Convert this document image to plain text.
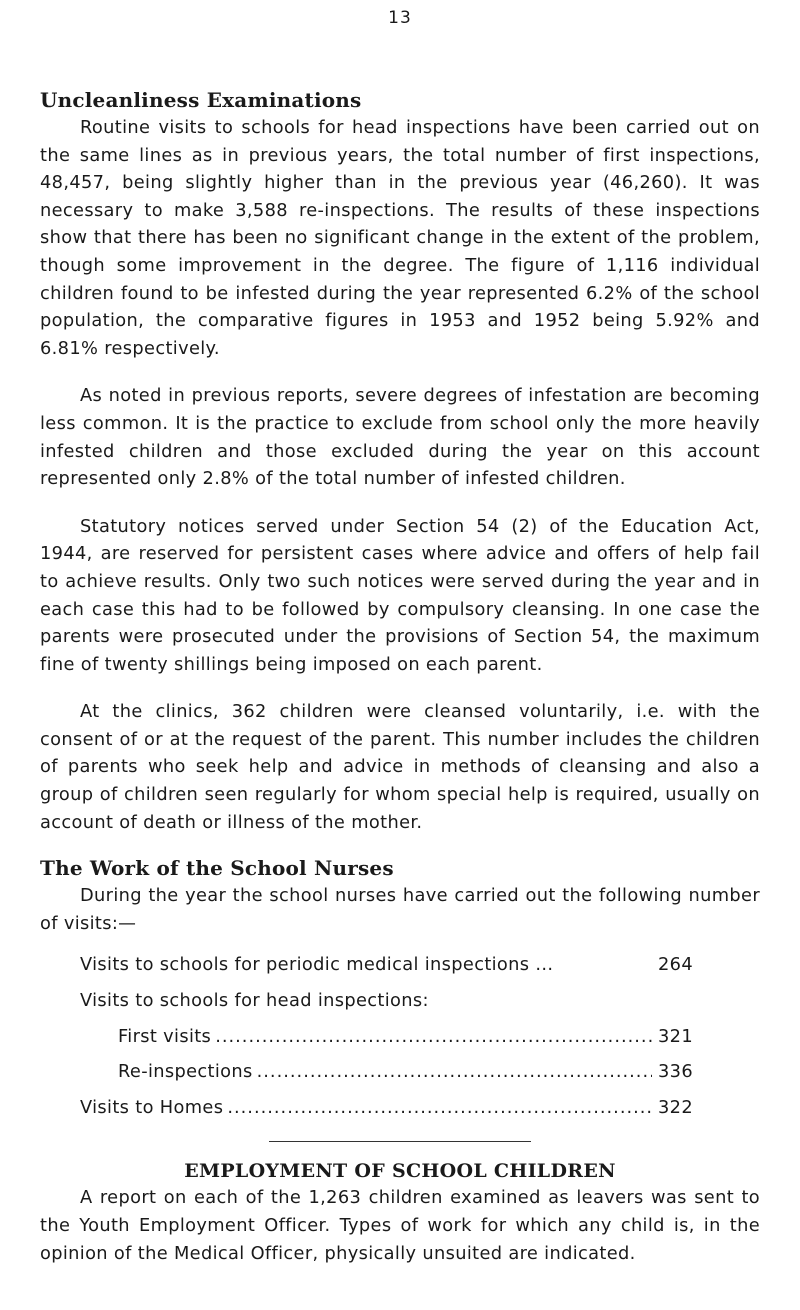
13
Uncleanliness Examinations

Routine visits to schools for head inspections have been carried out on the same lines as in previous years, the total number of first inspections, 48,457, being slightly higher than in the previous year (46,260). It was necessary to make 3,588 re-inspections. The results of these inspections show that there has been no significant change in the extent of the problem, though some improvement in the degree. The figure of 1,116 individual children found to be infested during the year represented 6.2% of the school population, the comparative figures in 1953 and 1952 being 5.92% and 6.81% respectively.

As noted in previous reports, severe degrees of infestation are becoming less common. It is the practice to exclude from school only the more heavily infested children and those excluded during the year on this account represented only 2.8% of the total number of infested children.

Statutory notices served under Section 54 (2) of the Education Act, 1944, are reserved for persistent cases where advice and offers of help fail to achieve results. Only two such notices were served during the year and in each case this had to be followed by compulsory cleansing. In one case the parents were prosecuted under the provisions of Section 54, the maximum fine of twenty shillings being imposed on each parent.

At the clinics, 362 children were cleansed voluntarily, i.e. with the consent of or at the request of the parent. This number includes the children of parents who seek help and advice in methods of cleansing and also a group of children seen regularly for whom special help is required, usually on account of death or illness of the mother.

The Work of the School Nurses

During the year the school nurses have carried out the following number of visits:—

Visits to schools for periodic medical inspections ...	264
Visits to schools for head inspections:
First visits .....	321
Re-inspections .....	336
Visits to Homes .....	322
EMPLOYMENT OF SCHOOL CHILDREN

A report on each of the 1,263 children examined as leavers was sent to the Youth Employment Officer. Types of work for which any child is, in the opinion of the Medical Officer, physically unsuited are indicated.
